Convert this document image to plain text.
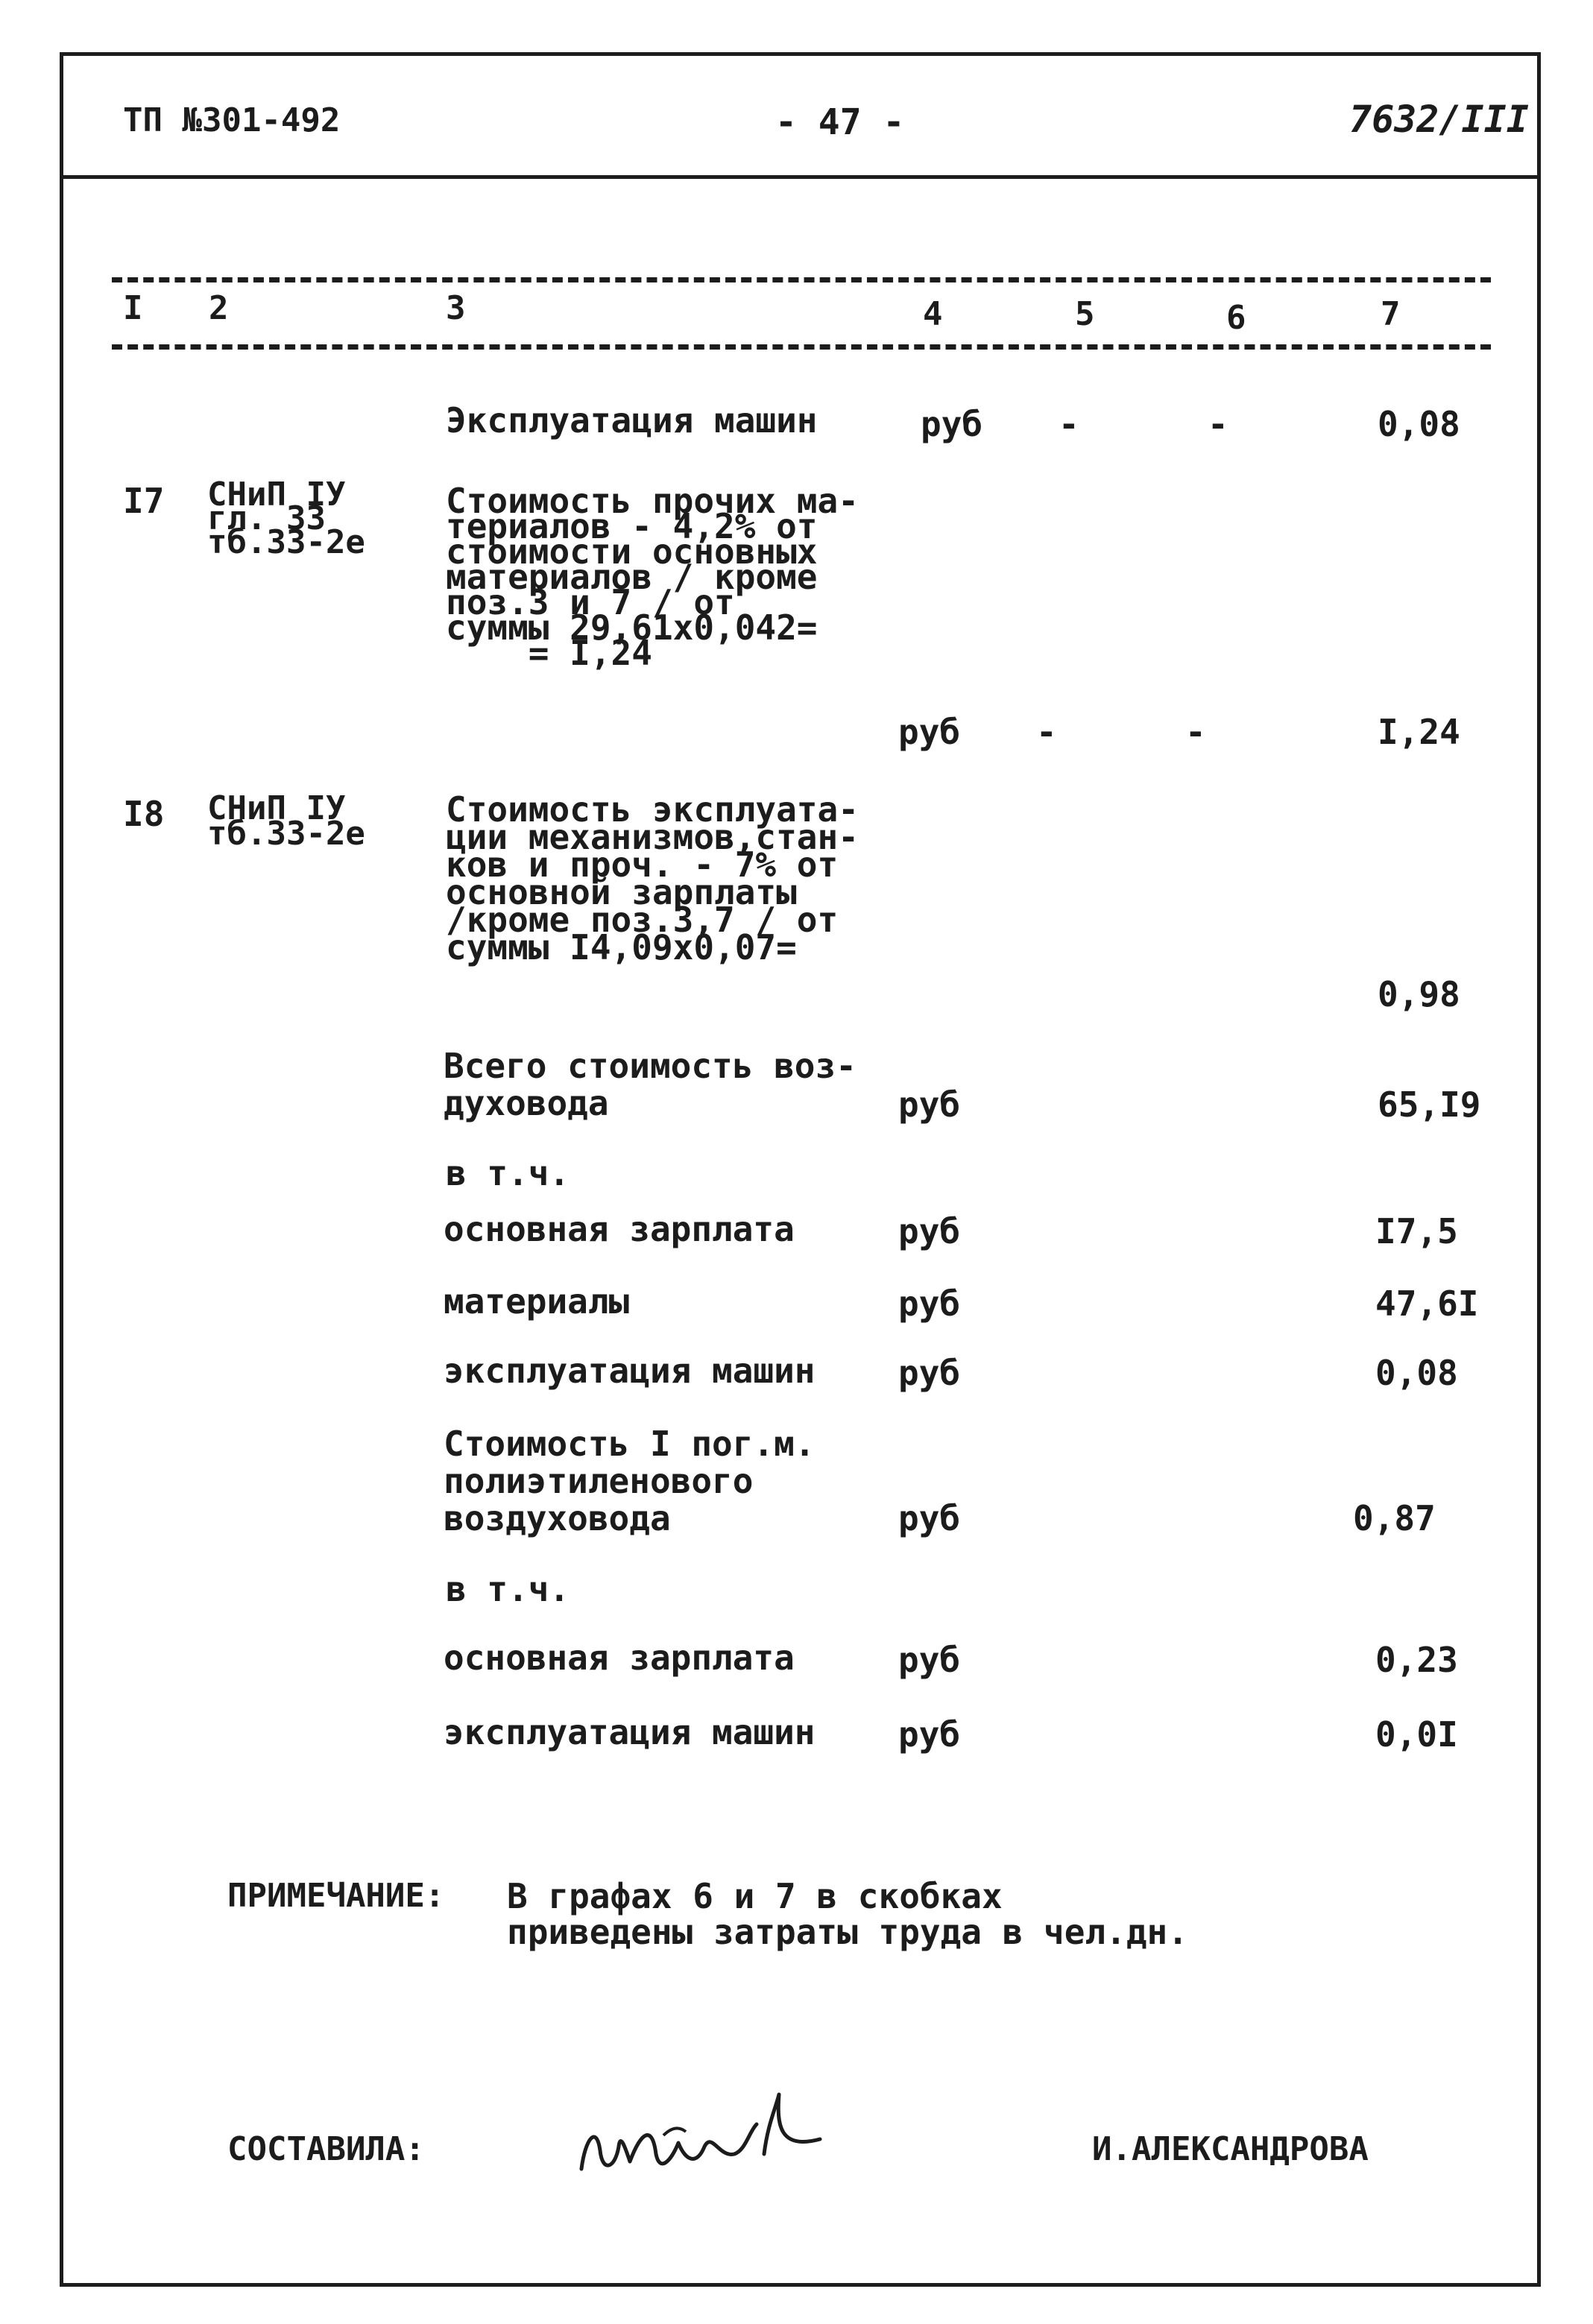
ТП №301-492	- 47 -	7632/III
I 2	3	4	5	6	7
Эксплуатация машин	руб -	-	0,08
I7 СНиП IУ
гл. 33
тб.33-2е
Стоимость прочих ма-
териалов - 4,2% от
стоимости основных
материалов / кроме
поз.3 и 7 / от
суммы 29,61х0,042=
= I,24
руб -	-	I,24
I8 СНиП IУ
тб.33-2е
Стоимость эксплуата-
ции механизмов,стан-
ков и проч. - 7% от
основной зарплаты
/кроме поз.3,7 / от
суммы I4,09х0,07=
0,98
Всего стоимость воз-
духовода	руб	65,I9
в т.ч.
основная зарплата	руб	I7,5
материалы	руб	47,6I
эксплуатация машин руб	0,08
Стоимость I пог.м.
полиэтиленового
воздуховода	руб	0,87
в т.ч.
основная зарплата	руб	0,23
эксплуатация машин руб	0,0I
ПРИМЕЧАНИЕ: В графах 6 и 7 в скобках
приведены затраты труда в чел.дн.
СОСТАВИЛА:	И.АЛЕКСАНДРОВА
